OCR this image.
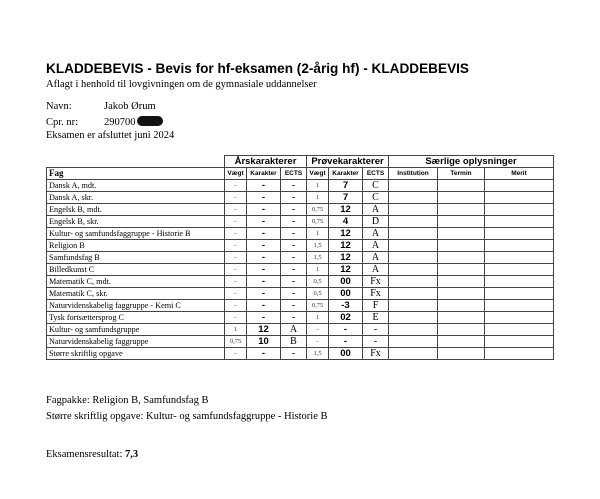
KLADDEBEVIS - Bevis for hf-eksamen (2-årig hf) - KLADDEBEVIS
Aflagt i henhold til lovgivningen om de gymnasiale uddannelser
Navn:	Jakob Ørum
Cpr. nr: 290700
Eksamen er afsluttet juni 2024
	Årskarakterer			Prøvekarakterer			Særlige oplysninger		
Fag	Vægt	Karakter	ECTS	Vægt	Karakter	ECTS	Institution	Termin	Merit
Dansk A, mdt.	-	-	-	1	7	C			
Dansk A, skr.	-	-	-	1	7	C			
Engelsk B, mdt.	-	-	-	0,75	12	A			
Engelsk B, skr.	-	-	-	0,75	4	D			
Kultur- og samfundsfaggruppe - Historie B	-	-	-	1	12	A			
Religion B	-	-	-	1,5	12	A			
Samfundsfag B	-	-	-	1,5	12	A			
Billedkunst C	-	-	-	1	12	A			
Matematik C, mdt.	-	-	-	0,5	00	Fx			
Matematik C, skr.	-	-	-	0,5	00	Fx			
Naturvidenskabelig faggruppe - Kemi C	-	-	-	0,75	-3	F			
Tysk fortsættersprog C	-	-	-	1	02	E			
Kultur- og samfundsgruppe	1	12	A	-	-	-			
Naturvidenskabelig faggruppe	0,75	10	B	-	-	-			
Større skriftlig opgave	-	-	-	1,5	00	Fx			
Fagpakke: Religion B, Samfundsfag B
Større skriftlig opgave: Kultur- og samfundsfaggruppe - Historie B
Eksamensresultat: 7,3
